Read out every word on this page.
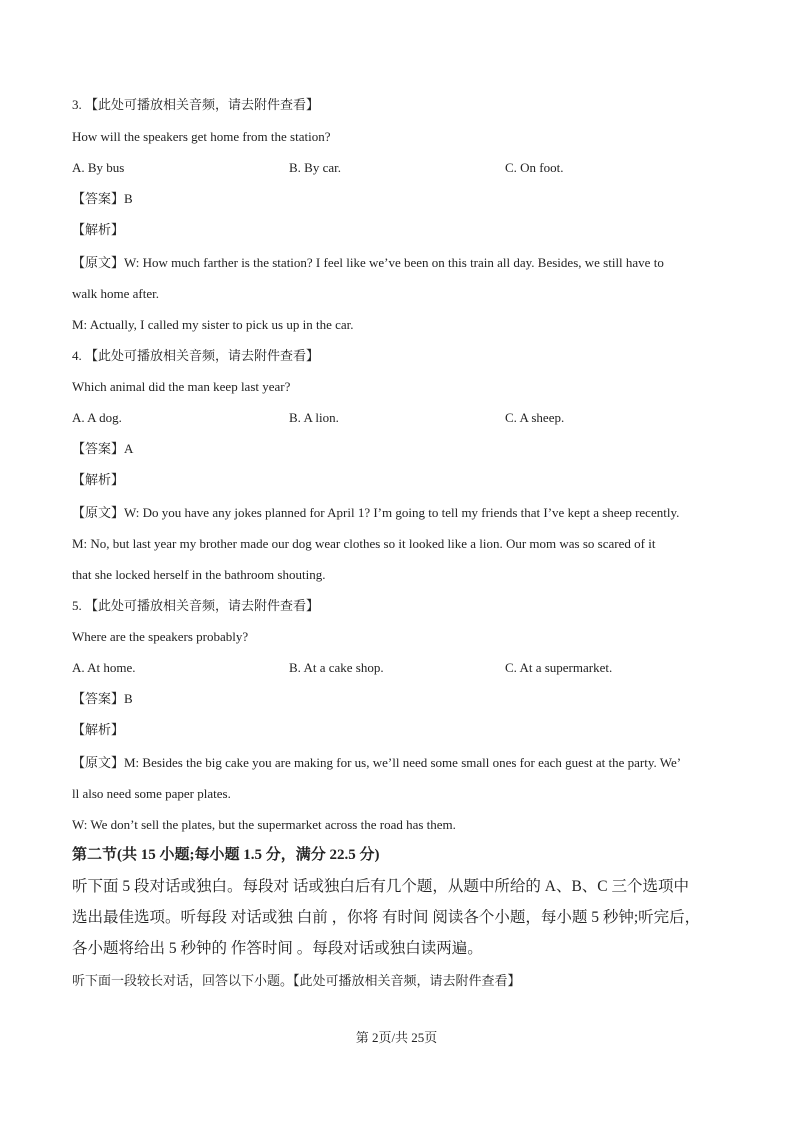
3. 【此处可播放相关音频，请去附件查看】
How will the speakers get home from the station?
A. By bus	B. By car.	C. On foot.
【答案】B
【解析】
【原文】W: How much farther is the station? I feel like we’ve been on this train all day. Besides, we still have to
walk home after.
M: Actually, I called my sister to pick us up in the car.
4. 【此处可播放相关音频，请去附件查看】
Which animal did the man keep last year?
A. A dog.	B. A lion.	C. A sheep.
【答案】A
【解析】
【原文】W: Do you have any jokes planned for April 1? I’m going to tell my friends that I’ve kept a sheep recently.
M: No, but last year my brother made our dog wear clothes so it looked like a lion. Our mom was so scared of it
that she locked herself in the bathroom shouting.
5. 【此处可播放相关音频，请去附件查看】
Where are the speakers probably?
A. At home.	B. At a cake shop.	C. At a supermarket.
【答案】B
【解析】
【原文】M: Besides the big cake you are making for us, we’ll need some small ones for each guest at the party. We’
ll also need some paper plates.
W: We don’t sell the plates, but the supermarket across the road has them.
第二节(共 15 小题;每小题 1.5 分，满分 22.5 分)
听下面 5 段对话或独白。每段对 话或独白后有几个题，从题中所给的 A、B、C 三个选项中
选出最佳选项。听每段 对话或独 白前 ，你将 有时间 阅读各个小题，每小题 5 秒钟;听完后，
各小题将给出 5 秒钟的 作答时间 。每段对话或独白读两遍。
听下面一段较长对话，回答以下小题。【此处可播放相关音频，请去附件查看】
第 2页/共 25页
